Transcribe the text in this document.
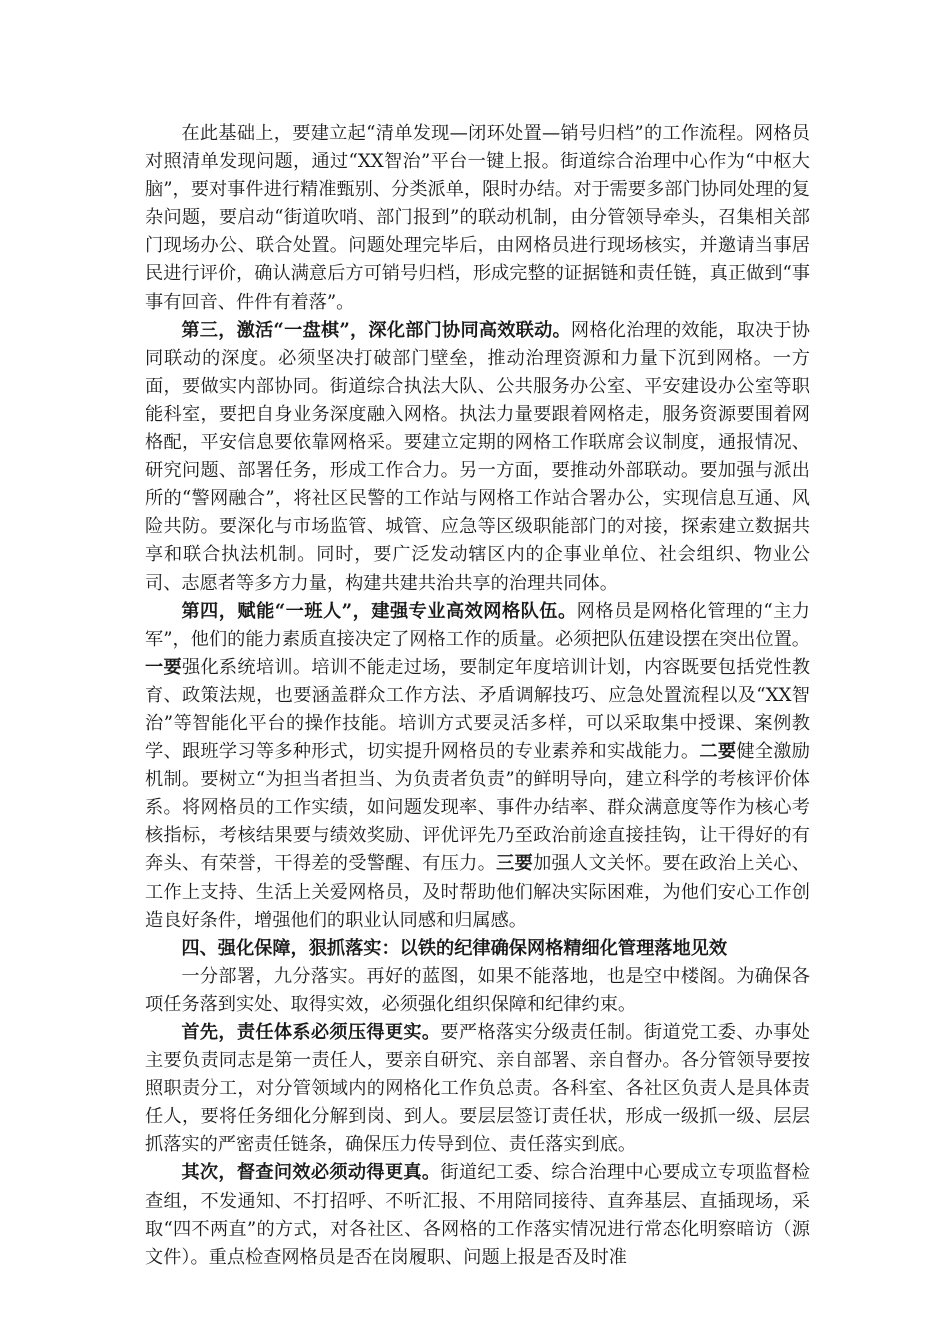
在此基础上，要建立起“清单发现—闭环处置—销号归档”的工作流程。网格员对照清单发现问题，通过“XX智治”平台一键上报。街道综合治理中心作为“中枢大脑”，要对事件进行精准甄别、分类派单，限时办结。对于需要多部门协同处理的复杂问题，要启动“街道吹哨、部门报到”的联动机制，由分管领导牵头，召集相关部门现场办公、联合处置。问题处理完毕后，由网格员进行现场核实，并邀请当事居民进行评价，确认满意后方可销号归档，形成完整的证据链和责任链，真正做到“事事有回音、件件有着落”。

第三，激活“一盘棋”，深化部门协同高效联动。网格化治理的效能，取决于协同联动的深度。必须坚决打破部门壁垒，推动治理资源和力量下沉到网格。一方面，要做实内部协同。街道综合执法大队、公共服务办公室、平安建设办公室等职能科室，要把自身业务深度融入网格。执法力量要跟着网格走，服务资源要围着网格配，平安信息要依靠网格采。要建立定期的网格工作联席会议制度，通报情况、研究问题、部署任务，形成工作合力。另一方面，要推动外部联动。要加强与派出所的“警网融合”，将社区民警的工作站与网格工作站合署办公，实现信息互通、风险共防。要深化与市场监管、城管、应急等区级职能部门的对接，探索建立数据共享和联合执法机制。同时，要广泛发动辖区内的企事业单位、社会组织、物业公司、志愿者等多方力量，构建共建共治共享的治理共同体。

第四，赋能“一班人”，建强专业高效网格队伍。网格员是网格化管理的“主力军”，他们的能力素质直接决定了网格工作的质量。必须把队伍建设摆在突出位置。一要强化系统培训。培训不能走过场，要制定年度培训计划，内容既要包括党性教育、政策法规，也要涵盖群众工作方法、矛盾调解技巧、应急处置流程以及“XX智治”等智能化平台的操作技能。培训方式要灵活多样，可以采取集中授课、案例教学、跟班学习等多种形式，切实提升网格员的专业素养和实战能力。二要健全激励机制。要树立“为担当者担当、为负责者负责”的鲜明导向，建立科学的考核评价体系。将网格员的工作实绩，如问题发现率、事件办结率、群众满意度等作为核心考核指标，考核结果要与绩效奖励、评优评先乃至政治前途直接挂钩，让干得好的有奔头、有荣誉，干得差的受警醒、有压力。三要加强人文关怀。要在政治上关心、工作上支持、生活上关爱网格员，及时帮助他们解决实际困难，为他们安心工作创造良好条件，增强他们的职业认同感和归属感。

四、强化保障，狠抓落实：以铁的纪律确保网格精细化管理落地见效

一分部署，九分落实。再好的蓝图，如果不能落地，也是空中楼阁。为确保各项任务落到实处、取得实效，必须强化组织保障和纪律约束。

首先，责任体系必须压得更实。要严格落实分级责任制。街道党工委、办事处主要负责同志是第一责任人，要亲自研究、亲自部署、亲自督办。各分管领导要按照职责分工，对分管领域内的网格化工作负总责。各科室、各社区负责人是具体责任人，要将任务细化分解到岗、到人。要层层签订责任状，形成一级抓一级、层层抓落实的严密责任链条，确保压力传导到位、责任落实到底。

其次，督查问效必须动得更真。街道纪工委、综合治理中心要成立专项监督检查组，不发通知、不打招呼、不听汇报、不用陪同接待、直奔基层、直插现场，采取“四不两直”的方式，对各社区、各网格的工作落实情况进行常态化明察暗访（源文件）。重点检查网格员是否在岗履职、问题上报是否及时准
